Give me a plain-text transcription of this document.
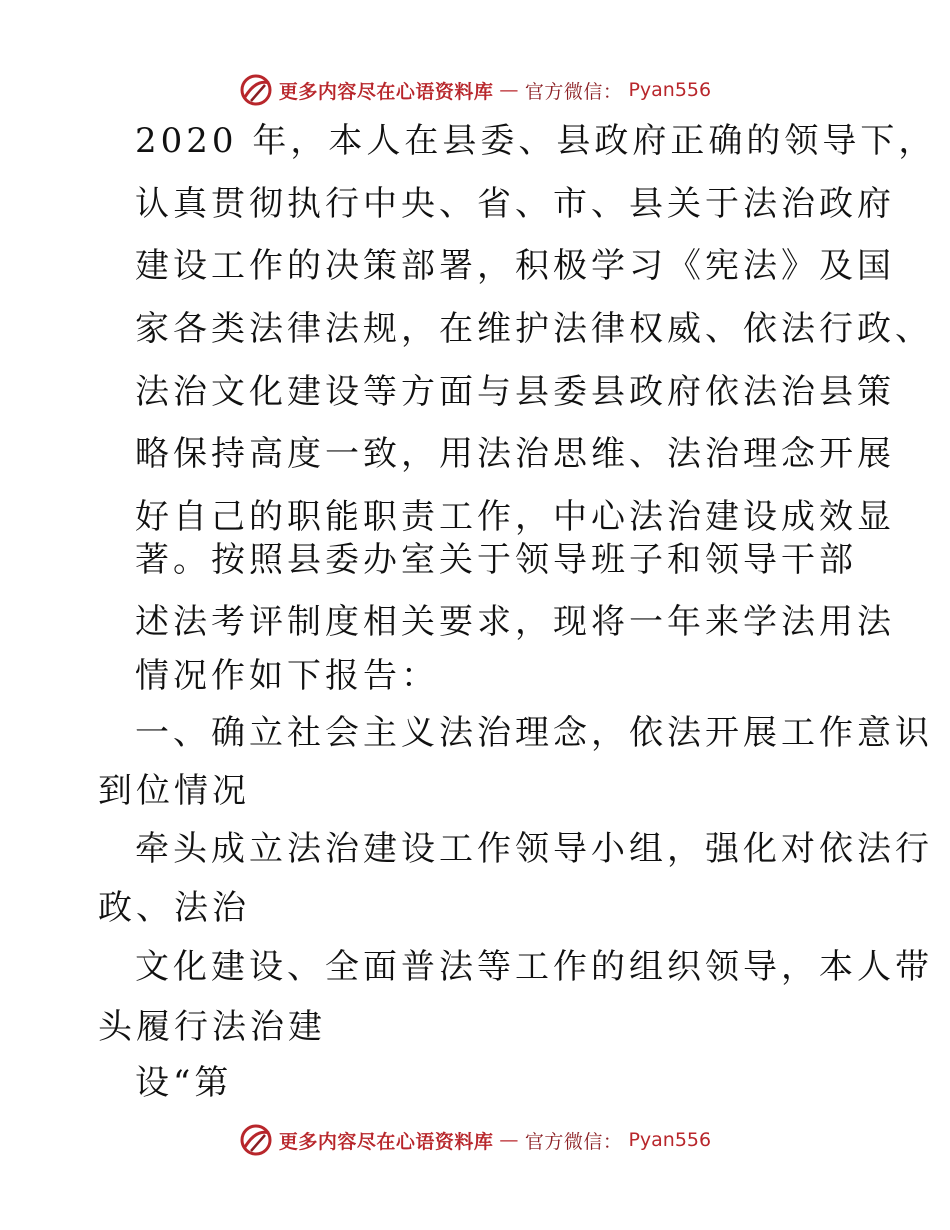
更多内容尽在心语资料库 — 官方微信： Pyan556
2020 年，本人在县委、县政府正确的领导下，
认真贯彻执行中央、省、市、县关于法治政府
建设工作的决策部署，积极学习《宪法》及国
家各类法律法规，在维护法律权威、依法行政、
法治文化建设等方面与县委县政府依法治县策
略保持高度一致，用法治思维、法治理念开展
好自己的职能职责工作，中心法治建设成效显
著。按照县委办室关于领导班子和领导干部
述法考评制度相关要求，现将一年来学法用法
情况作如下报告：
一、确立社会主义法治理念，依法开展工作意识
到位情况
牵头成立法治建设工作领导小组，强化对依法行
政、法治
文化建设、全面普法等工作的组织领导，本人带
头履行法治建
设“第
更多内容尽在心语资料库 — 官方微信： Pyan556
